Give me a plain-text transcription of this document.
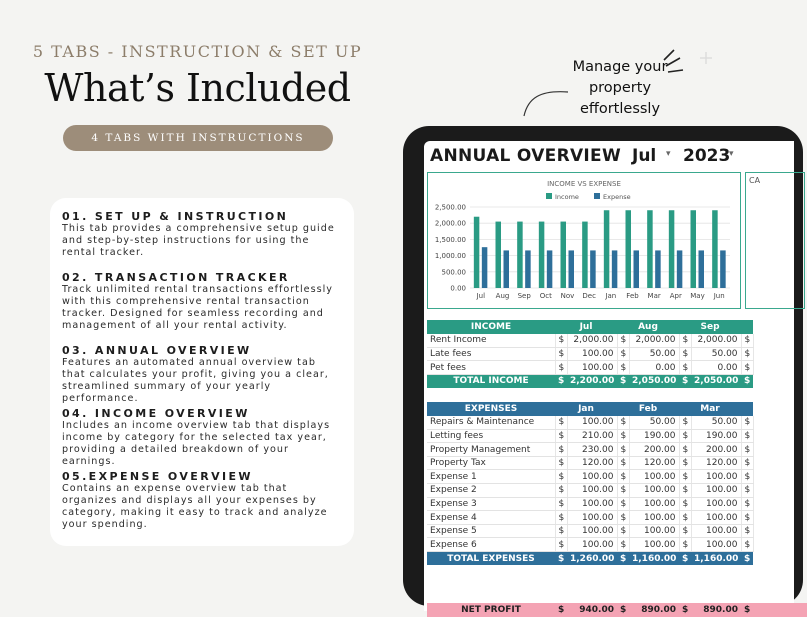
5 TABS - INSTRUCTION & SET UP
What’s Included
4 TABS WITH INSTRUCTIONS
01. SET UP & INSTRUCTION
This tab provides a comprehensive setup guide and step-by-step instructions for using the rental tracker.
02. TRANSACTION TRACKER
Track unlimited rental transactions effortlessly with this comprehensive rental transaction tracker. Designed for seamless recording and management of all your rental activity.
03. ANNUAL OVERVIEW
Features an automated annual overview tab that calculates your profit, giving you a clear, streamlined summary of your yearly performance.
04. INCOME OVERVIEW
Includes an income overview tab that displays income by category for the selected tax year, providing a detailed breakdown of your earnings.
05.EXPENSE OVERVIEW
Contains an expense overview tab that organizes and displays all your expenses by category, making it easy to track and analyze your spending.
Manage your
property
effortlessly
ANNUAL OVERVIEW Jul ▾ 2023
▾
INCOME VS EXPENSE
Income	Expense
2,500.00
2,000.00
1,500.00
1,000.00
500.00
0.00
Jul Aug Sep Oct Nov Dec Jan Feb Mar Apr May Jun
CA
INCOME	Jul		Aug		Sep		
Rent Income	$	2,000.00	$	2,000.00	$	2,000.00	$
Late fees	$	100.00	$	50.00	$	50.00	$
Pet fees	$	100.00	$	0.00	$	0.00	$
TOTAL INCOME	$	2,200.00	$	2,050.00	$	2,050.00	$
EXPENSES	Jan		Feb		Mar		
Repairs & Maintenance	$	100.00	$	50.00	$	50.00	$
Letting fees	$	210.00	$	190.00	$	190.00	$
Property Management	$	230.00	$	200.00	$	200.00	$
Property Tax	$	120.00	$	120.00	$	120.00	$
Expense 1	$	100.00	$	100.00	$	100.00	$
Expense 2	$	100.00	$	100.00	$	100.00	$
Expense 3	$	100.00	$	100.00	$	100.00	$
Expense 4	$	100.00	$	100.00	$	100.00	$
Expense 5	$	100.00	$	100.00	$	100.00	$
Expense 6	$	100.00	$	100.00	$	100.00	$
TOTAL EXPENSES	$	1,260.00	$	1,160.00	$	1,160.00	$
NET PROFIT	$	940.00 $	890.00 $	890.00 $
